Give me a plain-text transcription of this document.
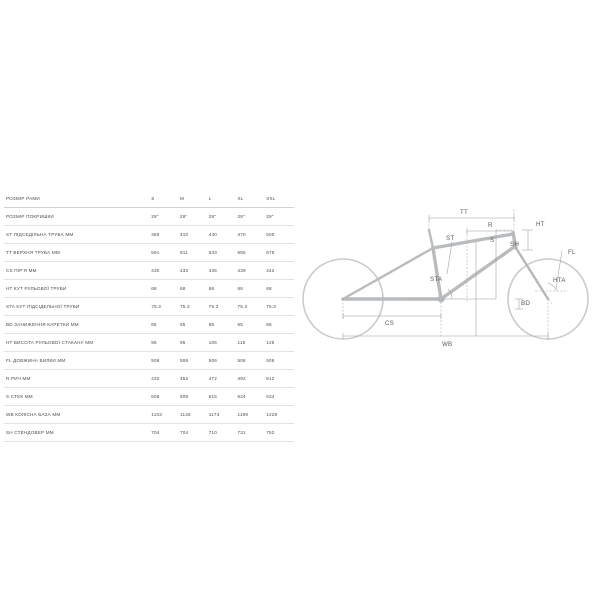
РОЗМІР РАМИ	S	M	L	XL	XXL
РОЗМІР ПОКРИШКИ	29"	29"	29"	29"	29"
ST ПІДСЕДІЛЬНА ТРУБА ММ	380	410	440	470	500
TT ВЕРХНЯ ТРУБА ММ	591	611	633	655	675
CS ПІР'Я ММ	430	433	435	439	442
HT КУТ РУЛЬОВОЇ ТРУБИ	68	68	68	68	68
STA КУТ ПІДСІДЕЛЬНОЇ ТРУБИ	75.3	75.3	75.3	75.3	75.3
BD ЗАНИЖЕННЯ КАРЕТКИ ММ	65	65	65	65	65
HT ВИСОТА РУЛЬОВОЇ СТАКАНУ ММ	95	95	105	115	125
FL ДОВЖИНА ВИЛКИ ММ	506	506	506	506	506
R РИЧ ММ	432	452	472	492	512
S СТЕК ММ	608	608	615	624	634
WB КОЛІСНА БАЗА ММ	1103	1146	1173	1199	1228
SH СТЕНДОВЕР ММ	704	704	710	731	752
TT
R	HT
ST	S
SH
FL
STA	HTA
BD
CS
WB
